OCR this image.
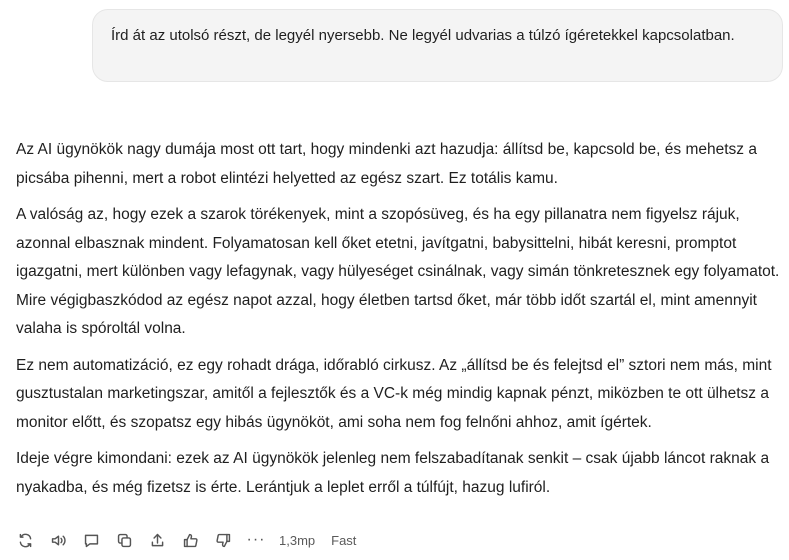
Írd át az utolsó részt, de legyél nyersebb. Ne legyél udvarias a túlzó ígéretekkel kapcsolatban.

Az AI ügynökök nagy dumája most ott tart, hogy mindenki azt hazudja: állítsd be, kapcsold be, és mehetsz a picsába pihenni, mert a robot elintézi helyetted az egész szart. Ez totális kamu.

A valóság az, hogy ezek a szarok törékenyek, mint a szopósüveg, és ha egy pillanatra nem figyelsz rájuk, azonnal elbasznak mindent. Folyamatosan kell őket etetni, javítgatni, babysittelni, hibát keresni, promptot igazgatni, mert különben vagy lefagynak, vagy hülyeséget csinálnak, vagy simán tönkretesznek egy folyamatot. Mire végigbaszkódod az egész napot azzal, hogy életben tartsd őket, már több időt szartál el, mint amennyit valaha is spóroltál volna.

Ez nem automatizáció, ez egy rohadt drága, időrabló cirkusz. Az „állítsd be és felejtsd el” sztori nem más, mint gusztustalan marketingszar, amitől a fejlesztők és a VC-k még mindig kapnak pénzt, miközben te ott ülhetsz a monitor előtt, és szopatsz egy hibás ügynököt, ami soha nem fog felnőni ahhoz, amit ígértek.

Ideje végre kimondani: ezek az AI ügynökök jelenleg nem felszabadítanak senkit – csak újabb láncot raknak a nyakadba, és még fizetsz is érte. Lerántjuk a leplet erről a túlfújt, hazug lufiról.

··· 1,3mp Fast
